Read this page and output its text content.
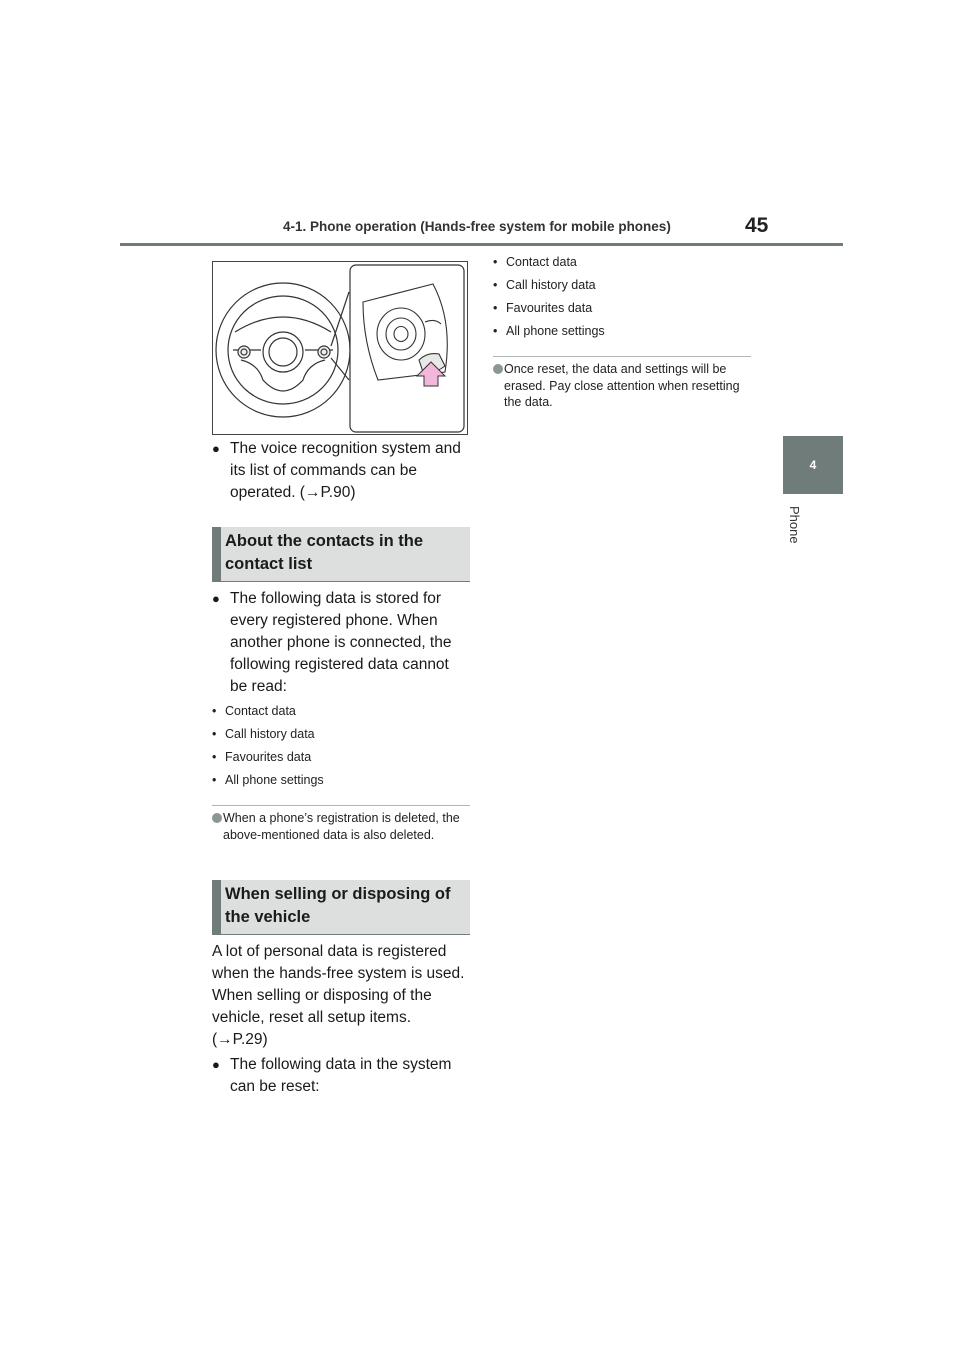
4-1. Phone operation (Hands-free system for mobile phones)	45
4
Phone
● The voice recognition system and its list of commands can be operated. (→P.90)
About the contacts in the contact list
● The following data is stored for every registered phone. When another phone is connected, the following registered data cannot be read:
• Contact data
• Call history data
• Favourites data
• All phone settings
When a phone’s registration is deleted, the above-mentioned data is also deleted.
When selling or disposing of the vehicle
A lot of personal data is registered when the hands-free system is used. When selling or disposing of the vehicle, reset all setup items. (→P.29)
● The following data in the system can be reset:
• Contact data
• Call history data
• Favourites data
• All phone settings
Once reset, the data and settings will be erased. Pay close attention when resetting the data.
